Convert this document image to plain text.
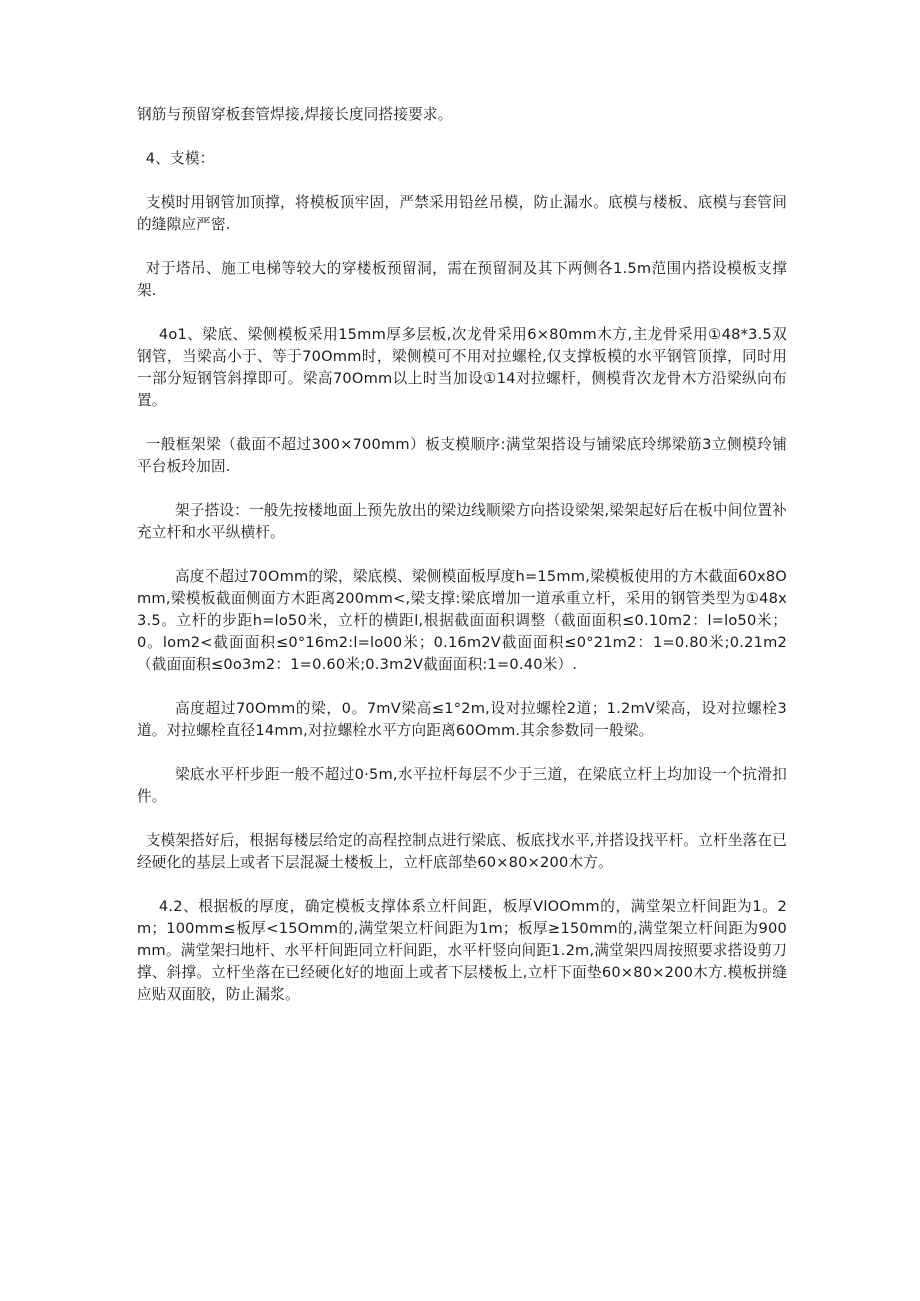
钢筋与预留穿板套管焊接,焊接长度同搭接要求。

4、支模：

支模时用钢管加顶撑，将模板顶牢固，严禁采用铅丝吊模，防止漏水。底模与楼板、底模与套管间的缝隙应严密.

对于塔吊、施工电梯等较大的穿楼板预留洞，需在预留洞及其下两侧各1.5m范围内搭设模板支撑架.

4o1、梁底、梁侧模板采用15mm厚多层板,次龙骨采用6×80mm木方,主龙骨采用①48*3.5双钢管，当梁高小于、等于70Omm时，梁侧模可不用对拉螺栓,仅支撑板模的水平钢管顶撑，同时用一部分短钢管斜撑即可。梁高70Omm以上时当加设①14对拉螺杆，侧模背次龙骨木方沿梁纵向布置。

一般框架梁（截面不超过300×700mm）板支模顺序:满堂架搭设与铺梁底玲绑梁筋3立侧模玲铺平台板玲加固.

架子搭设：一般先按楼地面上预先放出的梁边线顺梁方向搭设梁架,梁架起好后在板中间位置补充立杆和水平纵横杆。

高度不超过70Omm的梁，梁底模、梁侧模面板厚度h=15mm,梁模板使用的方木截面60x8Omm,梁模板截面侧面方木距离200mm<,梁支撑:梁底增加一道承重立杆，采用的钢管类型为①48x3.5。立杆的步距h=lo50米，立杆的横距l,根据截面面积调整（截面面积≤0.10m2：l=lo50米；0。lom2<截面面积≤0°16m2:l=lo00米；0.16m2V截面面积≤0°21m2：1=0.80米;0.21m2（截面面积≤0o3m2：1=0.60米;0.3m2V截面面积:1=0.40米）.

高度超过70Omm的梁，0。7mV梁高≤1°2m,设对拉螺栓2道；1.2mV梁高，设对拉螺栓3道。对拉螺栓直径14mm,对拉螺栓水平方向距离60Omm.其余参数同一般梁。

梁底水平杆步距一般不超过0·5m,水平拉杆每层不少于三道，在梁底立杆上均加设一个抗滑扣件。

支模架搭好后，根据每楼层给定的高程控制点进行梁底、板底找水平,并搭设找平杆。立杆坐落在已经硬化的基层上或者下层混凝土楼板上，立杆底部垫60×80×200木方。

4.2、根据板的厚度，确定模板支撑体系立杆间距，板厚VlOOmm的，满堂架立杆间距为1。2m；100mm≤板厚<15Omm的,满堂架立杆间距为1m；板厚≥150mm的,满堂架立杆间距为900mm。满堂架扫地杆、水平杆间距同立杆间距，水平杆竖向间距1.2m,满堂架四周按照要求搭设剪刀撑、斜撑。立杆坐落在已经硬化好的地面上或者下层楼板上,立杆下面垫60×80×200木方.模板拼缝应贴双面胶，防止漏浆。
